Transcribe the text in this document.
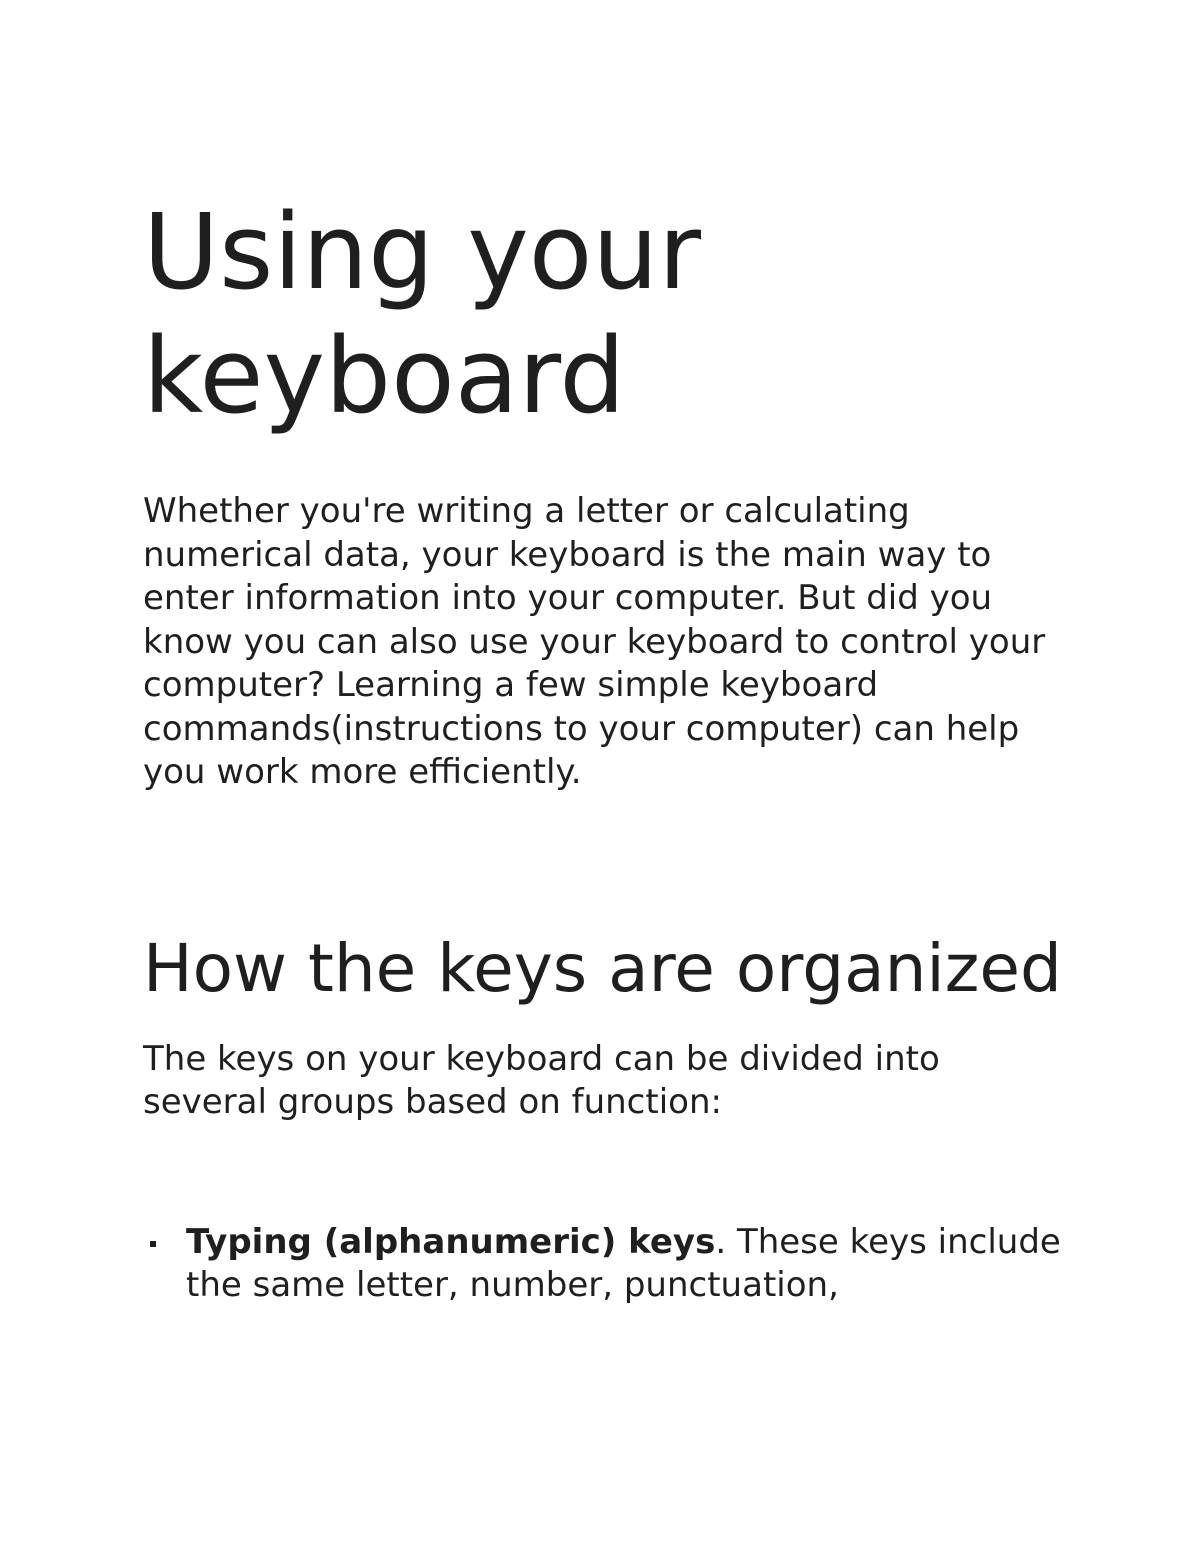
Using your keyboard

Whether you're writing a letter or calculating numerical data, your keyboard is the main way to enter information into your computer. But did you know you can also use your keyboard to control your computer? Learning a few simple keyboard commands(instructions to your computer) can help you work more efficiently.

How the keys are organized

The keys on your keyboard can be divided into several groups based on function:

Typing (alphanumeric) keys. These keys include the same letter, number, punctuation,
